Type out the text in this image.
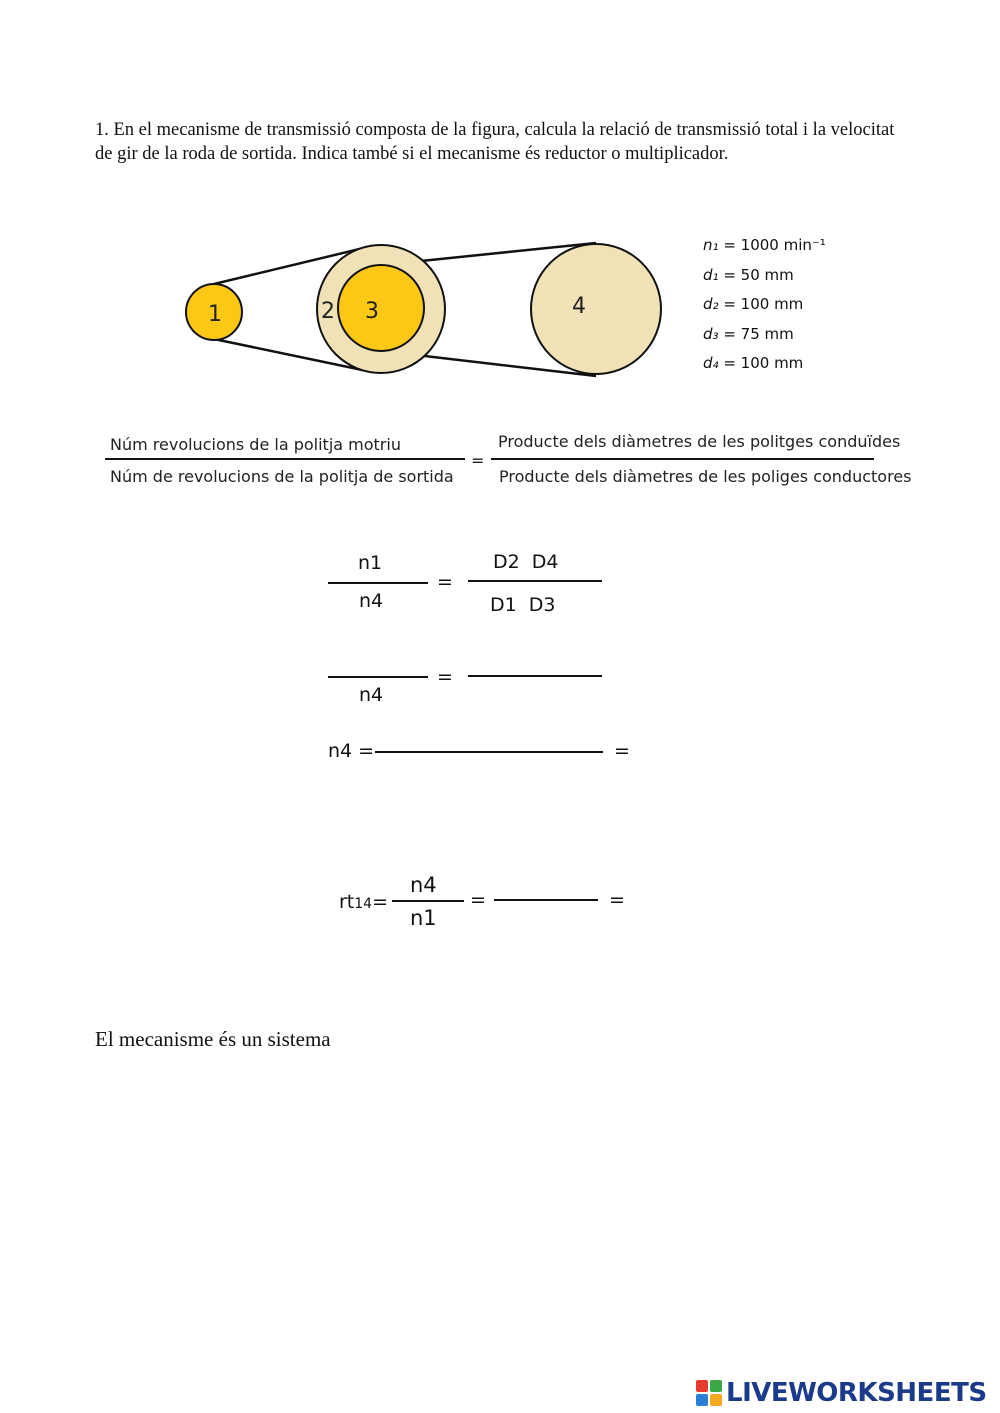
1. En el mecanisme de transmissió composta de la figura, calcula la relació de transmissió total i la velocitat de gir de la roda de sortida. Indica també si el mecanisme és reductor o multiplicador.
1	2 3	4
n₁ = 1000 min⁻¹
d₁ = 50 mm
d₂ = 100 mm
d₃ = 75 mm
d₄ = 100 mm
Núm revolucions de la politja motriu
Núm de revolucions de la politja de sortida
=
Producte dels diàmetres de les politges conduïdes
Producte dels diàmetres de les poliges conductores
n1
n4
=
D2  D4
D1  D3
n4
=
n4 =	=
rt14=
n4
n1
=	=
El mecanisme és un sistema
LIVEWORKSHEETS
